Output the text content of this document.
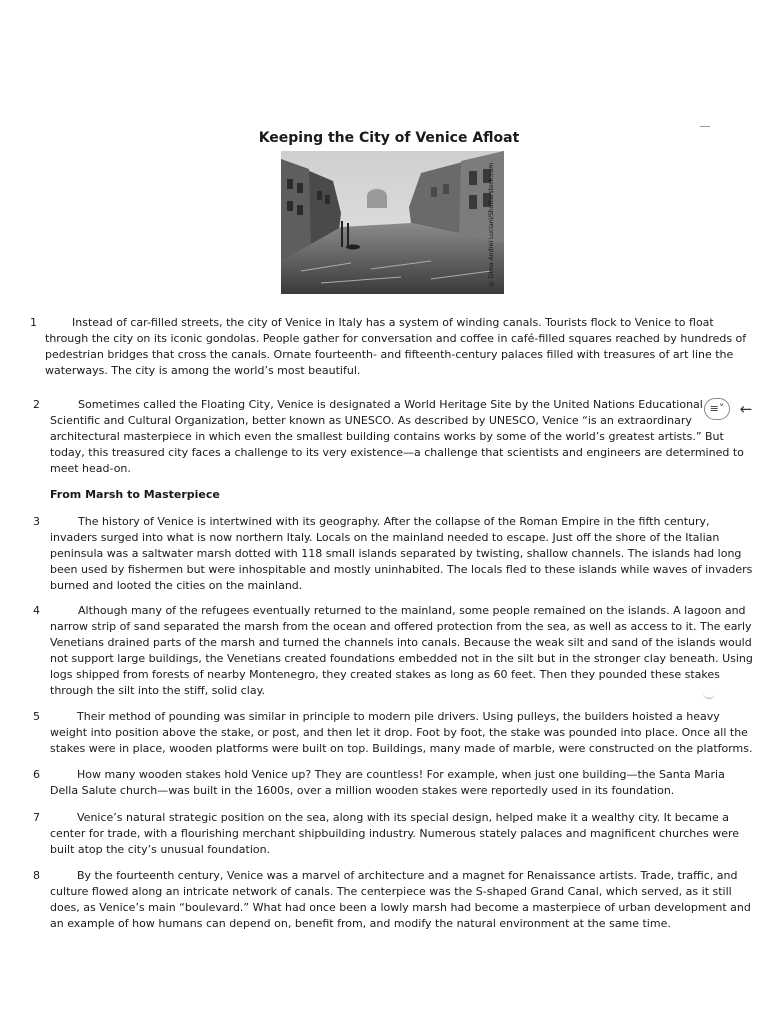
Keeping the City of Venice Afloat
© Dima Andrei Luciani/Shutterstock.com
1	Instead of car-filled streets, the city of Venice in Italy has a system of winding canals. Tourists flock to Venice to float
through the city on its iconic gondolas. People gather for conversation and coffee in café-filled squares reached by hundreds of
pedestrian bridges that cross the canals. Ornate fourteenth- and fifteenth-century palaces filled with treasures of art line the
waterways. The city is among the world’s most beautiful.
2	Sometimes called the Floating City, Venice is designated a World Heritage Site by the United Nations Educational
Scientific and Cultural Organization, better known as UNESCO. As described by UNESCO, Venice “is an extraordinary
architectural masterpiece in which even the smallest building contains works by some of the world’s greatest artists.” But
today, this treasured city faces a challenge to its very existence—a challenge that scientists and engineers are determined to
meet head-on.
From Marsh to Masterpiece
3	The history of Venice is intertwined with its geography. After the collapse of the Roman Empire in the fifth century,
invaders surged into what is now northern Italy. Locals on the mainland needed to escape. Just off the shore of the Italian
peninsula was a saltwater marsh dotted with 118 small islands separated by twisting, shallow channels. The islands had long
been used by fishermen but were inhospitable and mostly uninhabited. The locals fled to these islands while waves of invaders
burned and looted the cities on the mainland.
4	Although many of the refugees eventually returned to the mainland, some people remained on the islands. A lagoon and
narrow strip of sand separated the marsh from the ocean and offered protection from the sea, as well as access to it. The early
Venetians drained parts of the marsh and turned the channels into canals. Because the weak silt and sand of the islands would
not support large buildings, the Venetians created foundations embedded not in the silt but in the stronger clay beneath. Using
logs shipped from forests of nearby Montenegro, they created stakes as long as 60 feet. Then they pounded these stakes
through the silt into the stiff, solid clay.
5	Their method of pounding was similar in principle to modern pile drivers. Using pulleys, the builders hoisted a heavy
weight into position above the stake, or post, and then let it drop. Foot by foot, the stake was pounded into place. Once all the
stakes were in place, wooden platforms were built on top. Buildings, many made of marble, were constructed on the platforms.
6	How many wooden stakes hold Venice up? They are countless! For example, when just one building—the Santa Maria
Della Salute church—was built in the 1600s, over a million wooden stakes were reportedly used in its foundation.
7	Venice’s natural strategic position on the sea, along with its special design, helped make it a wealthy city. It became a
center for trade, with a flourishing merchant shipbuilding industry. Numerous stately palaces and magnificent churches were
built atop the city’s unusual foundation.
8	By the fourteenth century, Venice was a marvel of architecture and a magnet for Renaissance artists. Trade, traffic, and
culture flowed along an intricate network of canals. The centerpiece was the S-shaped Grand Canal, which served, as it still
does, as Venice’s main “boulevard.” What had once been a lowly marsh had become a masterpiece of urban development and
an example of how humans can depend on, benefit from, and modify the natural environment at the same time.
≡˅	←
